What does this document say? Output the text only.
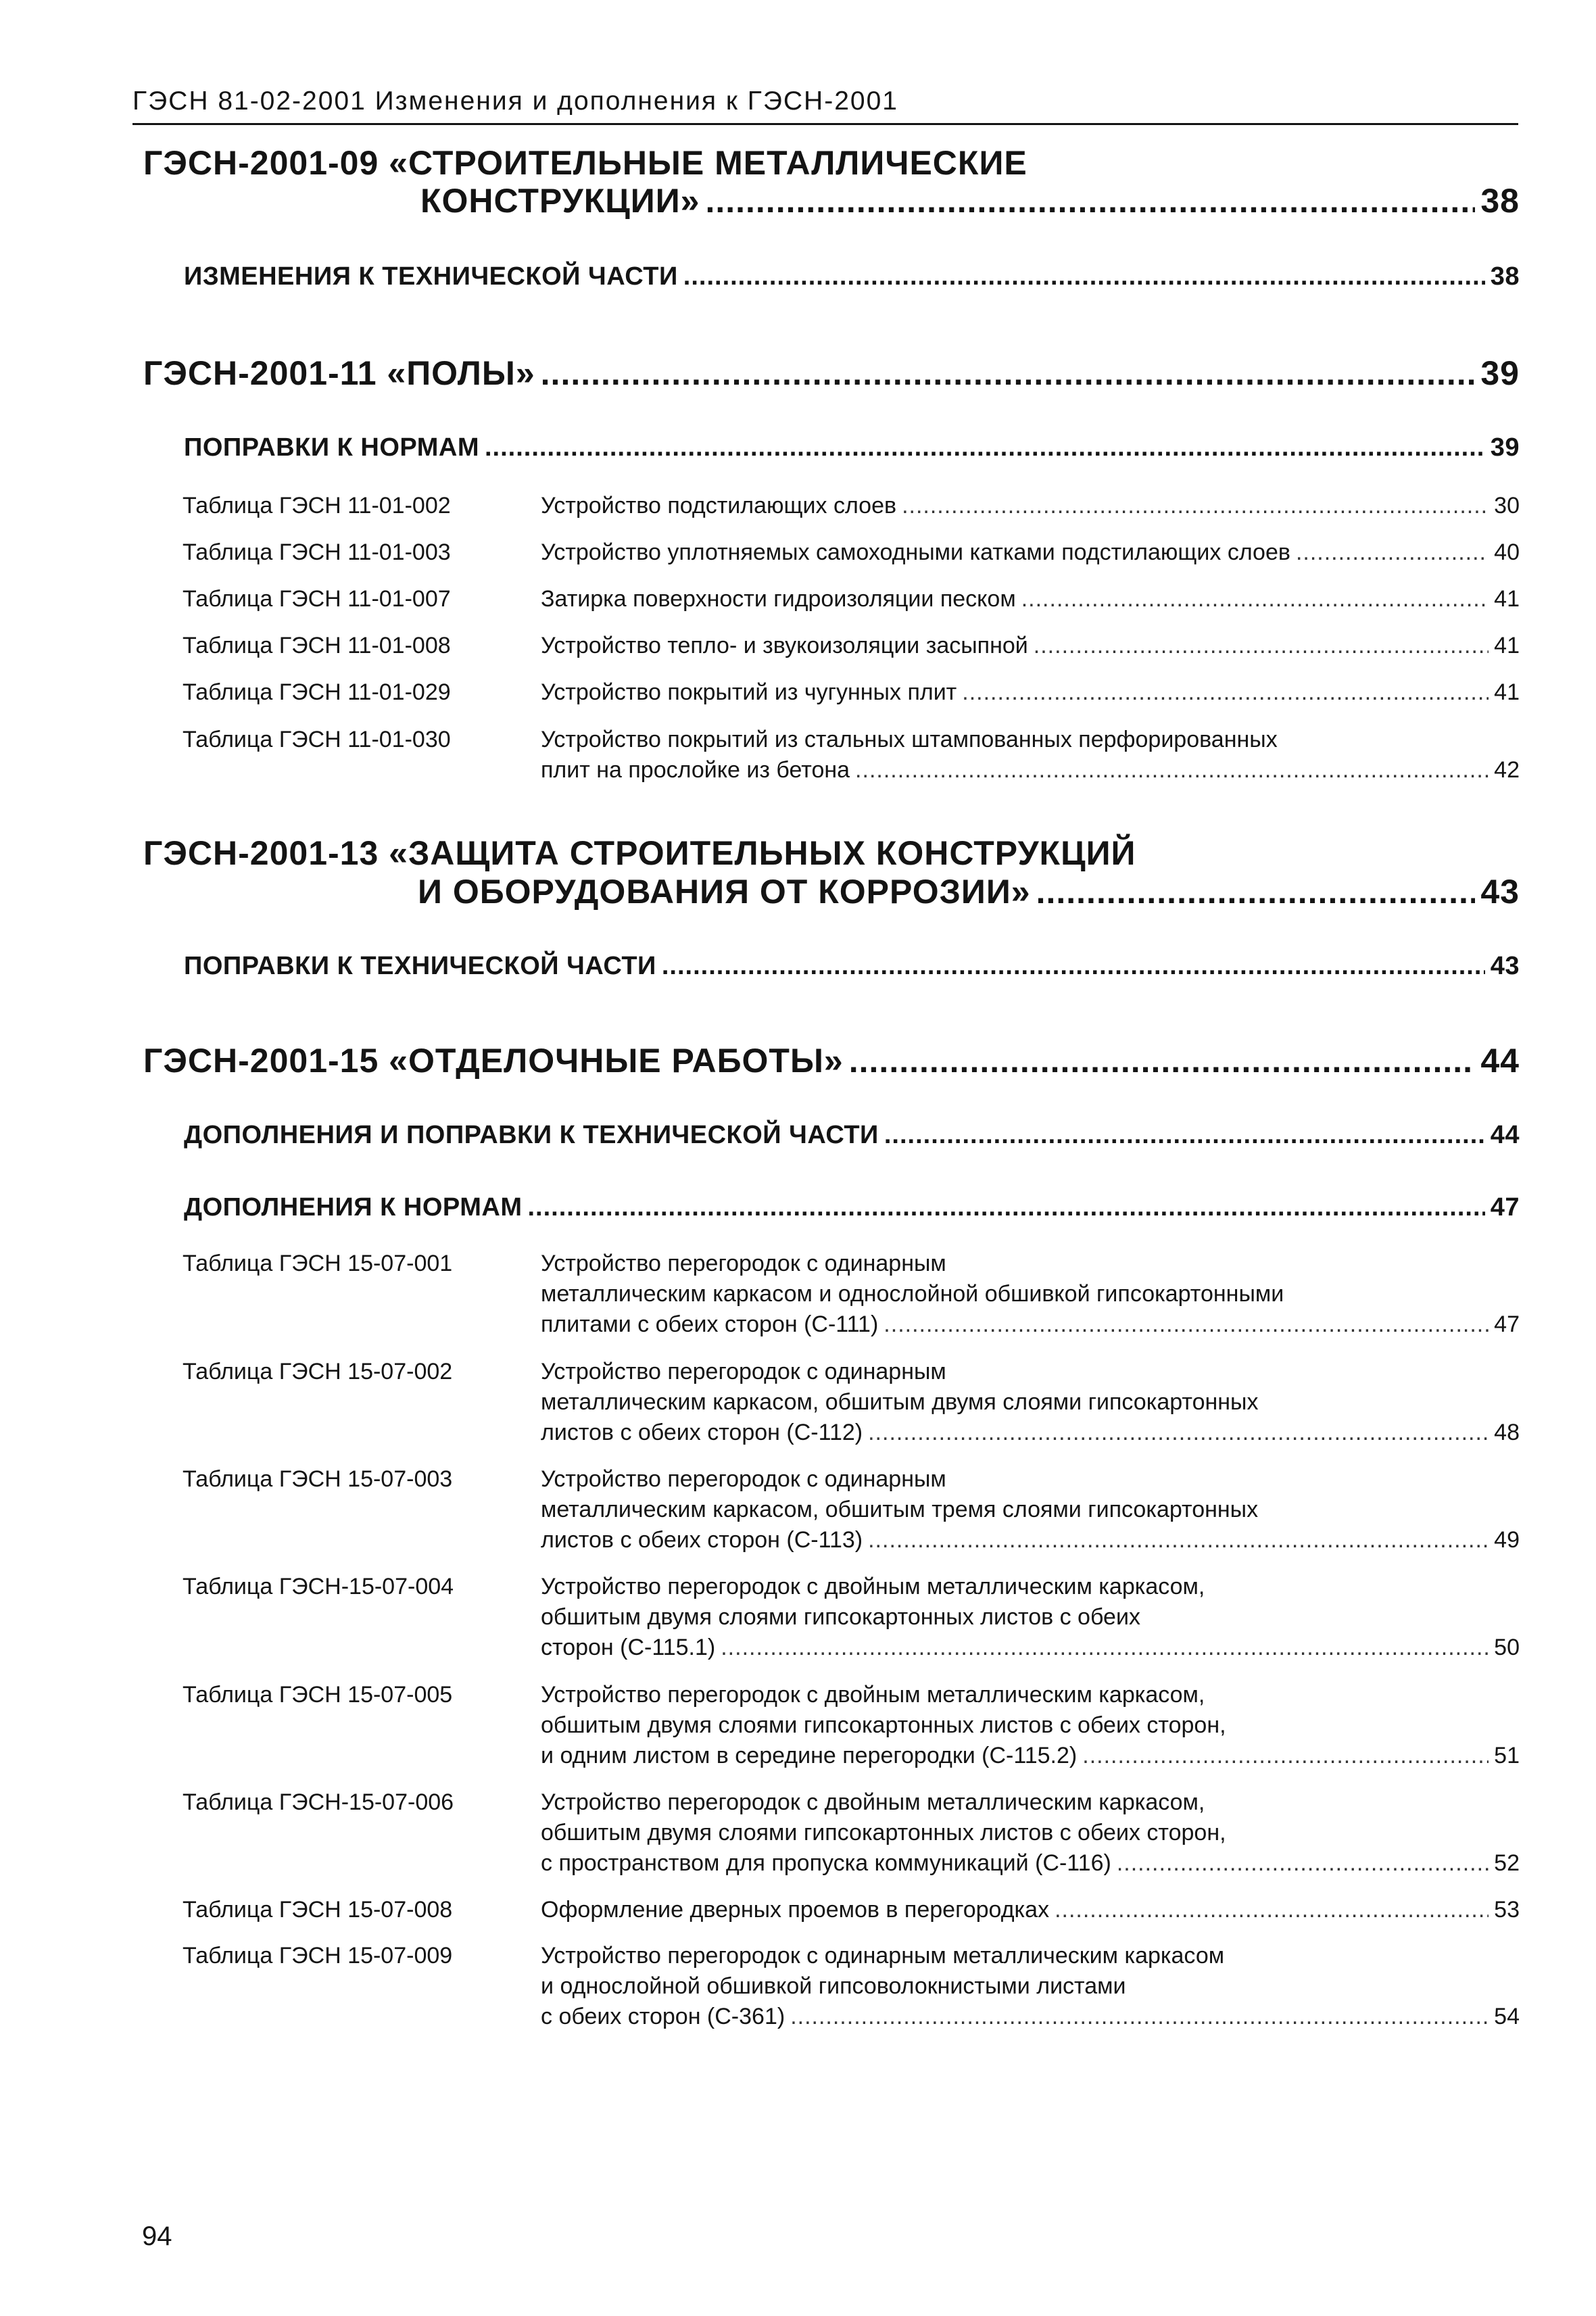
ГЭСН 81-02-2001 Изменения и дополнения к ГЭСН-2001
ГЭСН-2001-09 «СТРОИТЕЛЬНЫЕ МЕТАЛЛИЧЕСКИЕ
КОНСТРУКЦИИ» .....	38
ИЗМЕНЕНИЯ К ТЕХНИЧЕСКОЙ ЧАСТИ .....	38
ГЭСН-2001-11 «ПОЛЫ» .....	39
ПОПРАВКИ К НОРМАМ .....	39
Таблица ГЭСН 11-01-002	Устройство подстилающих слоев .....	30
Таблица ГЭСН 11-01-003	Устройство уплотняемых самоходными катками подстилающих слоев .....	40
Таблица ГЭСН 11-01-007	Затирка поверхности гидроизоляции песком .....	41
Таблица ГЭСН 11-01-008	Устройство тепло- и звукоизоляции засыпной .....	41
Таблица ГЭСН 11-01-029	Устройство покрытий из чугунных плит .....	41
Таблица ГЭСН 11-01-030	Устройство покрытий из стальных штампованных перфорированных
плит на прослойке из бетона .....	42
ГЭСН-2001-13 «ЗАЩИТА СТРОИТЕЛЬНЫХ КОНСТРУКЦИЙ
И ОБОРУДОВАНИЯ ОТ КОРРОЗИИ» .....	43
ПОПРАВКИ К ТЕХНИЧЕСКОЙ ЧАСТИ .....	43
ГЭСН-2001-15 «ОТДЕЛОЧНЫЕ РАБОТЫ» .....	44
ДОПОЛНЕНИЯ И ПОПРАВКИ К ТЕХНИЧЕСКОЙ ЧАСТИ .....	44
ДОПОЛНЕНИЯ К НОРМАМ .....	47
Таблица ГЭСН 15-07-001	Устройство перегородок с одинарным
металлическим каркасом и однослойной обшивкой гипсокартонными
плитами с обеих сторон (С-111) .....	47
Таблица ГЭСН 15-07-002	Устройство перегородок с одинарным
металлическим каркасом, обшитым двумя слоями гипсокартонных
листов с обеих сторон (С-112) .....	48
Таблица ГЭСН 15-07-003	Устройство перегородок с одинарным
металлическим каркасом, обшитым тремя слоями гипсокартонных
листов с обеих сторон (С-113) .....	49
Таблица ГЭСН-15-07-004	Устройство перегородок с двойным металлическим каркасом,
обшитым двумя слоями гипсокартонных листов с обеих
сторон (С-115.1) .....	50
Таблица ГЭСН 15-07-005	Устройство перегородок с двойным металлическим каркасом,
обшитым двумя слоями гипсокартонных листов с обеих сторон,
и одним листом в середине перегородки (С-115.2) .....	51
Таблица ГЭСН-15-07-006	Устройство перегородок с двойным металлическим каркасом,
обшитым двумя слоями гипсокартонных листов с обеих сторон,
с пространством для пропуска коммуникаций (С-116) .....	52
Таблица ГЭСН 15-07-008	Оформление дверных проемов в перегородках .....	53
Таблица ГЭСН 15-07-009	Устройство перегородок с одинарным металлическим каркасом
и однослойной обшивкой гипсоволокнистыми листами
с обеих сторон (С-361) .....	54
94
